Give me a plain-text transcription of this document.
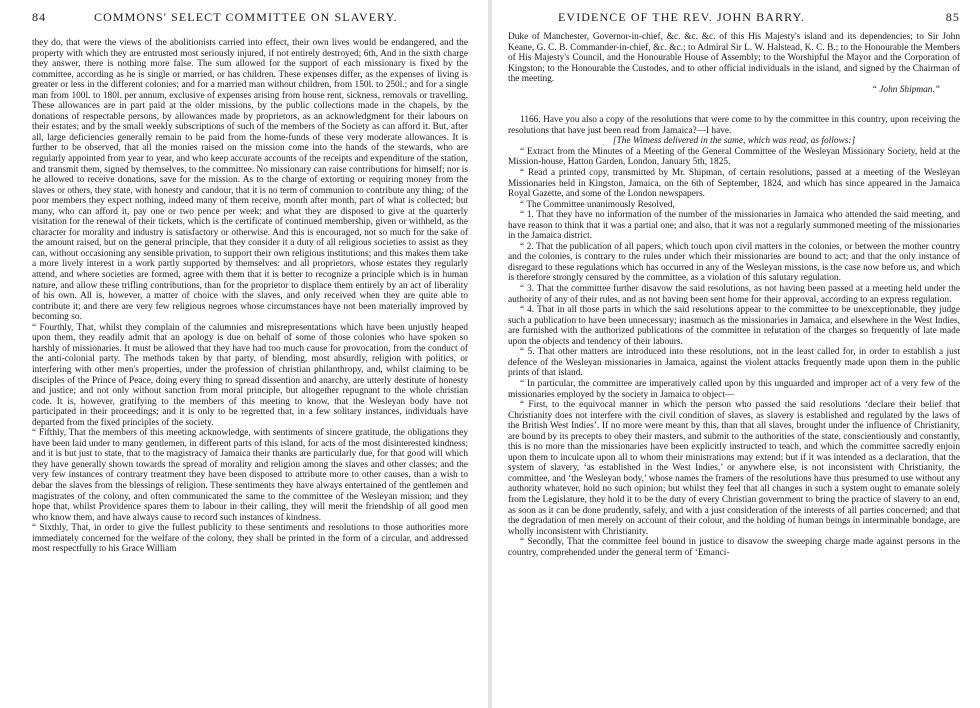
84	COMMONS' SELECT COMMITTEE ON SLAVERY.

they do, that were the views of the abolitionists carried into effect, their own lives would be endangered, and the property with which they are entrusted most seriously injured, if not entirely destroyed; 6th, And in the sixth charge they answer, there is nothing more false. The sum allowed for the support of each missionary is fixed by the committee, according as he is single or married, or has children. These expenses differ, as the expenses of living is greater or less in the different colonies; and for a married man without children, from 150l. to 250l.; and for a single man from 100l. to 180l. per annum, exclusive of expenses arising from house rent, sickness, removals or travelling. These allowances are in part paid at the older missions, by the public collections made in the chapels, by the donations of respectable persons, by allowances made by proprietors, as an acknowledgment for their labours on their estates; and by the small weekly subscriptions of such of the members of the Society as can afford it. But, after all, large deficiencies generally remain to be paid from the home-funds of these very moderate allowances. It is further to be observed, that all the monies raised on the mission come into the hands of the stewards, who are regularly appointed from year to year, and who keep accurate accounts of the receipts and expenditure of the station, and transmit them, signed by themselves, to the committee. No missionary can raise contributions for himself; nor is he allowed to receive donations, save for the mission. As to the charge of extorting or requiring money from the slaves or others, they state, with honesty and candour, that it is no term of communion to contribute any thing; of the poor members they expect nothing, indeed many of them receive, month after month, part of what is collected; but many, who can afford it, pay one or two pence per week; and what they are disposed to give at the quarterly visitation for the renewal of their tickets, which is the certificate of continued membership, given or withheld, as the character for morality and industry is satisfactory or otherwise. And this is encouraged, not so much for the sake of the amount raised, but on the general principle, that they consider it a duty of all religious societies to assist as they can, without occasioning any sensible privation, to support their own religious institutions; and this makes them take a more lively interest in a work partly supported by themselves: and all proprietors, whose estates they regularly attend, and where societies are formed, agree with them that it is better to recognize a principle which is in human nature, and allow these trifling contributions, than for the proprietor to displace them entirely by an act of liberality of his own. All is, however, a matter of choice with the slaves, and only received when they are quite able to contribute it; and there are very few religious negroes whose circumstances have not been materially improved by becoming so.

“ Fourthly, That, whilst they complain of the calumnies and misrepresentations which have been unjustly heaped upon them, they readily admit that an apology is due on behalf of some of those colonies who have spoken so harshly of missionaries. It must be allowed that they have had too much cause for provocation, from the conduct of the anti-colonial party. The methods taken by that party, of blending, most absurdly, religion with politics, or interfering with other men's properties, under the profession of christian philanthropy, and, whilst claiming to be disciples of the Prince of Peace, doing every thing to spread dissention and anarchy, are utterly destitute of honesty and justice; and not only without sanction from moral principle, but altogether repugnant to the whole christian code. It is, however, gratifying to the members of this meeting to know, that the Wesleyan body have not participated in their proceedings; and it is only to be regretted that, in a few solitary instances, individuals have departed from the fixed principles of the society.

“ Fifthly, That the members of this meeting acknowledge, with sentiments of sincere gratitude, the obligations they have been laid under to many gentlemen, in different parts of this island, for acts of the most disinterested kindness; and it is but just to state, that to the magistracy of Jamaica their thanks are particularly due, for that good will which they have generally shown towards the spread of morality and religion among the slaves and other classes; and the very few instances of contrary treatment they have been disposed to attribute more to other causes, than a wish to debar the slaves from the blessings of religion. These sentiments they have always entertained of the gentlemen and magistrates of the colony, and often communicated the same to the committee of the Wesleyan mission; and they hope that, whilst Providence spares them to labour in their calling, they will merit the friendship of all good men who know them, and have always cause to record such instances of kindness.

“ Sixthly, That, in order to give the fullest publicity to these sentiments and resolutions to those authorities more immediately concerned for the welfare of the colony, they shall be printed in the form of a circular, and addressed most respectfully to his Grace William

EVIDENCE OF THE REV. JOHN BARRY.	85

Duke of Manchester, Governor-in-chief, &c. &c. &c. of this His Majesty's island and its dependencies; to Sir John Keane, G. C. B. Commander-in-chief, &c. &c.; to Admiral Sir L. W. Halstead, K. C. B.; to the Honourable the Members of His Majesty's Council, and the Honourable House of Assembly; to the Worshipful the Mayor and the Corporation of Kingston; to the Honourable the Custodes, and to other official individuals in the island, and signed by the Chairman of the meeting.

“ John Shipman.”

1166. Have you also a copy of the resolutions that were come to by the committee in this country, upon receiving the resolutions that have just been read from Jamaica?—I have.

[The Witness delivered in the same, which was read, as follows:]

“ Extract from the Minutes of a Meeting of the General Committee of the Wesleyan Missionary Society, held at the Mission-house, Hatton Garden, London, January 5th, 1825.

“ Read a printed copy, transmitted by Mr. Shipman, of certain resolutions, passed at a meeting of the Wesleyan Missionaries held in Kingston, Jamaica, on the 6th of September, 1824, and which has since appeared in the Jamaica Royal Gazette, and some of the London newspapers.

“ The Committee unanimously Resolved,

“ 1. That they have no information of the number of the missionaries in Jamaica who attended the said meeting, and have reason to think that it was a partial one; and also, that it was not a regularly summoned meeting of the missionaries in the Jamaica district.

“ 2. That the publication of all papers, which touch upon civil matters in the colonies, or between the mother country and the colonies, is contrary to the rules under which their missionaries are bound to act; and that the only instance of disregard to these regulations which has occurred in any of the Wesleyan missions, is the case now before us, and which is therefore strongly censured by the committee, as a violation of this salutary regulation.

“ 3. That the committee further disavow the said resolutions, as not having been passed at a meeting held under the authority of any of their rules, and as not having been sent home for their approval, according to an express regulation.

“ 4. That in all those parts in which the said resolutions appear to the committee to be unexceptionable, they judge such a publication to have been unnecessary; inasmuch as the missionaries in Jamaica, and elsewhere in the West Indies, are furnished with the authorized publications of the committee in refutation of the charges so frequently of late made upon the objects and tendency of their labours.

“ 5. That other matters are introduced into these resolutions, not in the least called for, in order to establish a just defence of the Wesleyan missionaries in Jamaica, against the violent attacks frequently made upon them in the public prints of that island.

“ In particular, the committee are imperatively called upon by this unguarded and improper act of a very few of the missionaries employed by the society in Jamaica to object—

“ First, to the equivocal manner in which the person who passed the said resolutions ‘declare their belief that Christianity does not interfere with the civil condition of slaves, as slavery is established and regulated by the laws of the British West Indies’. If no more were meant by this, than that all slaves, brought under the influence of Christianity, are bound by its precepts to obey their masters, and submit to the authorities of the state, conscientiously and constantly, this is no more than the missionaries have been explicitly instructed to teach, and which the committee sacredly enjoin upon them to inculcate upon all to whom their ministrations may extend; but if it was intended as a declaration, that the system of slavery, ‘as established in the West Indies,’ or anywhere else, is not inconsistent with Christianity, the committee, and ‘the Wesleyan body,’ whose names the framers of the resolutions have thus presumed to use without any authority whatever, hold no such opinion; but whilst they feel that all changes in such a system ought to emanate solely from the Legislature, they hold it to be the duty of every Christian government to bring the practice of slavery to an end, as soon as it can be done prudently, safely, and with a just consideration of the interests of all parties concerned; and that the degradation of men merely on account of their colour, and the holding of human beings in interminable bondage, are wholly inconsistent with Christianity.

“ Secondly, That the committee feel bound in justice to disavow the sweeping charge made against persons in the country, comprehended under the general term of ‘Emanci-
